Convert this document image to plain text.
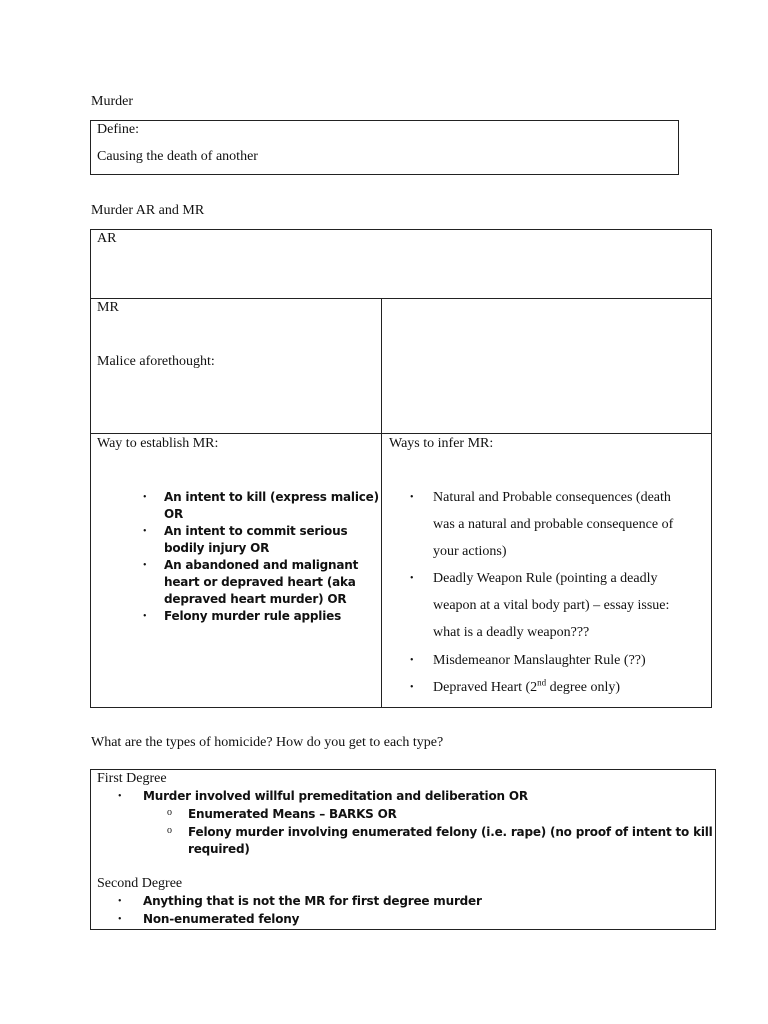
Murder
Define:
Causing the death of another
Murder AR and MR
AR
MR
Malice aforethought:
Way to establish MR:
• An intent to kill (express malice)
OR
• An intent to commit serious
bodily injury OR
• An abandoned and malignant
heart or depraved heart (aka
depraved heart murder) OR
• Felony murder rule applies
Ways to infer MR:
• Natural and Probable consequences (death
was a natural and probable consequence of
your actions)
• Deadly Weapon Rule (pointing a deadly
weapon at a vital body part) – essay issue:
what is a deadly weapon???
• Misdemeanor Manslaughter Rule (??)
• Depraved Heart (2nd degree only)
What are the types of homicide? How do you get to each type?
First Degree
• Murder involved willful premeditation and deliberation OR
o Enumerated Means – BARKS OR
o Felony murder involving enumerated felony (i.e. rape) (no proof of intent to kill
required)
Second Degree
• Anything that is not the MR for first degree murder
• Non-enumerated felony
